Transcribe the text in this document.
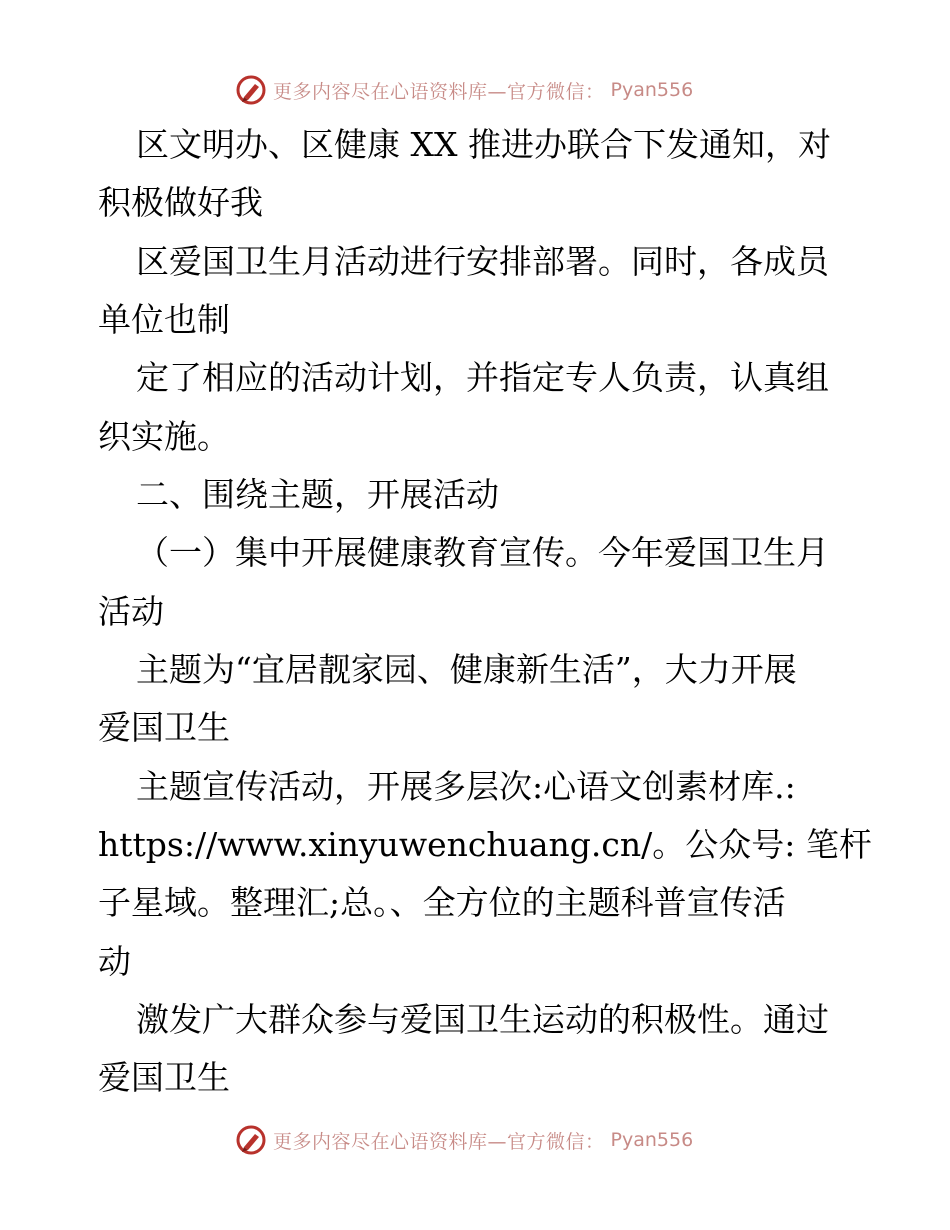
更多内容尽在心语资料库—官方微信： Pyan556
区文明办、区健康 XX 推进办联合下发通知，对
积极做好我
区爱国卫生月活动进行安排部署。同时，各成员
单位也制
定了相应的活动计划，并指定专人负责，认真组
织实施。
二、围绕主题，开展活动
（一）集中开展健康教育宣传。今年爱国卫生月
活动
主题为“宜居靓家园、健康新生活”，大力开展
爱国卫生
主题宣传活动，开展多层次:心语文创素材库.:
https://www.xinyuwenchuang.cn/。公众号: 笔杆
子星域。整理汇;总。、全方位的主题科普宣传活
动
激发广大群众参与爱国卫生运动的积极性。通过
爱国卫生
更多内容尽在心语资料库—官方微信： Pyan556
